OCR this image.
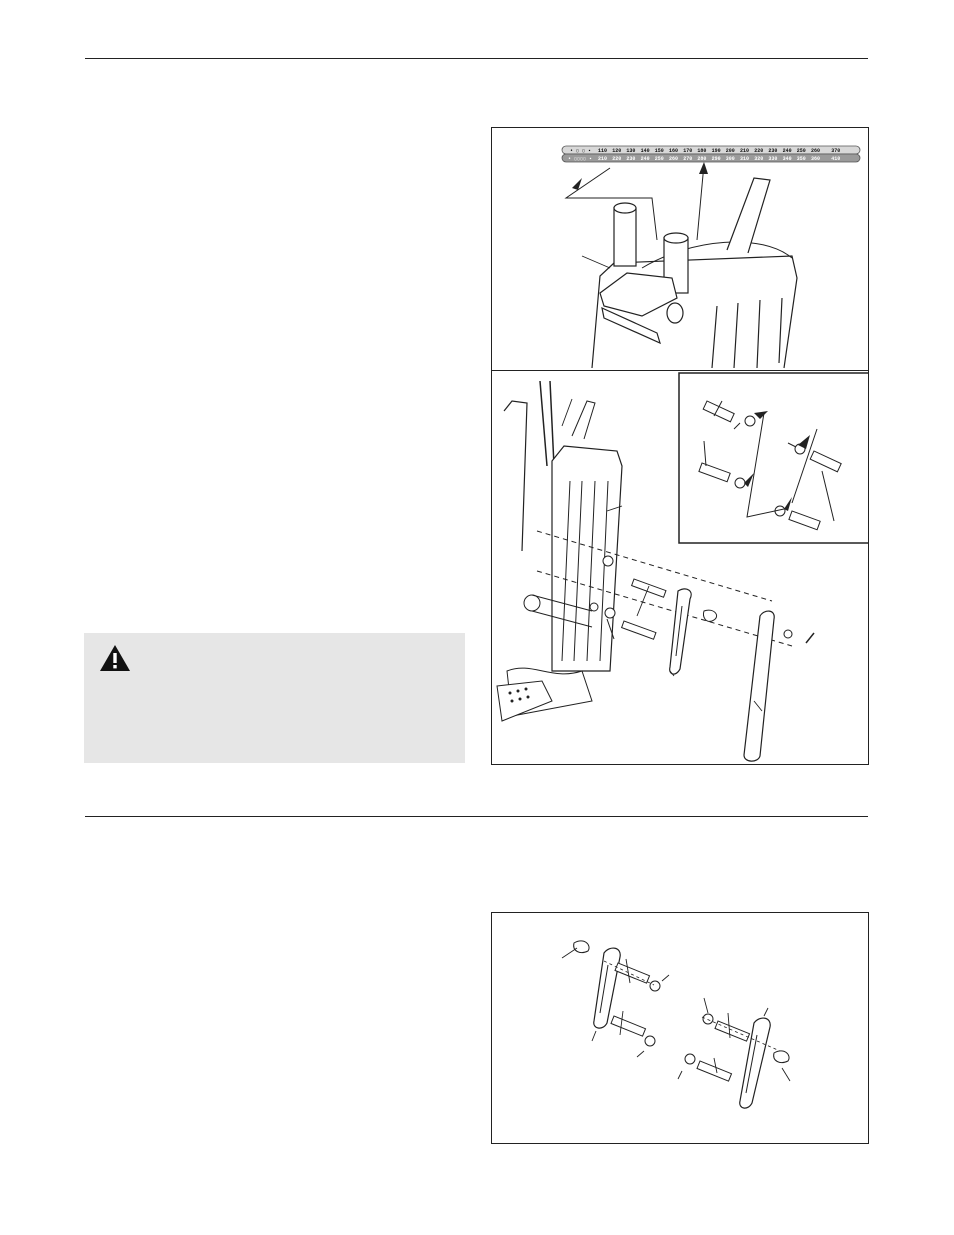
• ▯ ▯ ▪
• ▯▯▯▯ ▪
110 120 130 140 150 160 170 180 190 200 210 220 230 240 250 260 370
210 220 230 240 250 260 270 280 290 300 310 320 330 340 350 360 410
